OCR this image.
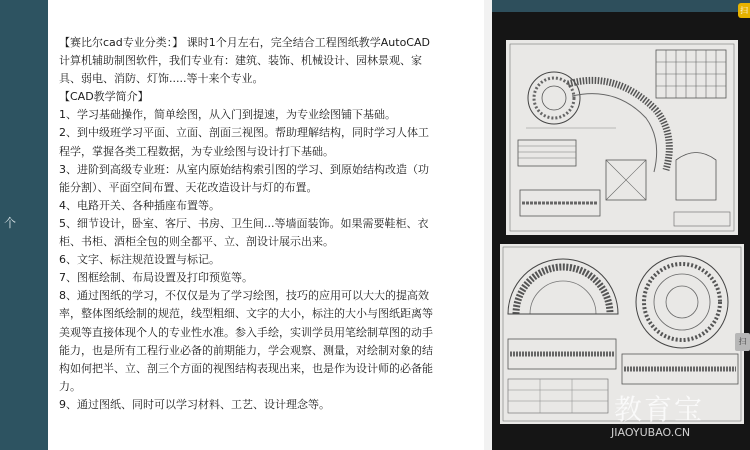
个

【赛比尔cad专业分类：】 课时1个月左右，完全结合工程图纸教学AutoCAD计算机辅助制图软件，我们专业有：建筑、装饰、机械设计、园林景观、家具、弱电、消防、灯饰.....等十来个专业。

【CAD教学简介】

1、学习基础操作，简单绘图，从入门到提速，为专业绘图铺下基础。

2、到中级班学习平面、立面、剖面三视图。帮助理解结构，同时学习人体工程学，掌握各类工程数据，为专业绘图与设计打下基础。

3、进阶到高级专业班：从室内原始结构索引图的学习、到原始结构改造（功能分割）、平面空间布置、天花改造设计与灯的布置。

4、电路开关、各种插座布置等。

5、细节设计，卧室、客厅、书房、卫生间...等墙面装饰。如果需要鞋柜、衣柜、书柜、酒柜全包的则全都平、立、剖设计展示出来。

6、文字、标注规范设置与标记。

7、图框绘制、布局设置及打印预览等。

8、通过图纸的学习，不仅仅是为了学习绘图，技巧的应用可以大大的提高效率，整体图纸绘制的规范，线型粗细、文字的大小，标注的大小与图纸距离等美观等直接体现个人的专业性水准。参入手绘，实训学员用笔绘制草图的动手能力，也是所有工程行业必备的前期能力，学会观察、测量，对绘制对象的结构如何把半、立、剖三个方面的视图结构表现出来，也是作为设计师的必备能力。

9、通过图纸、同时可以学习材料、工艺、设计理念等。

扫
扫
教育宝
JIAOYUBAO.CN
